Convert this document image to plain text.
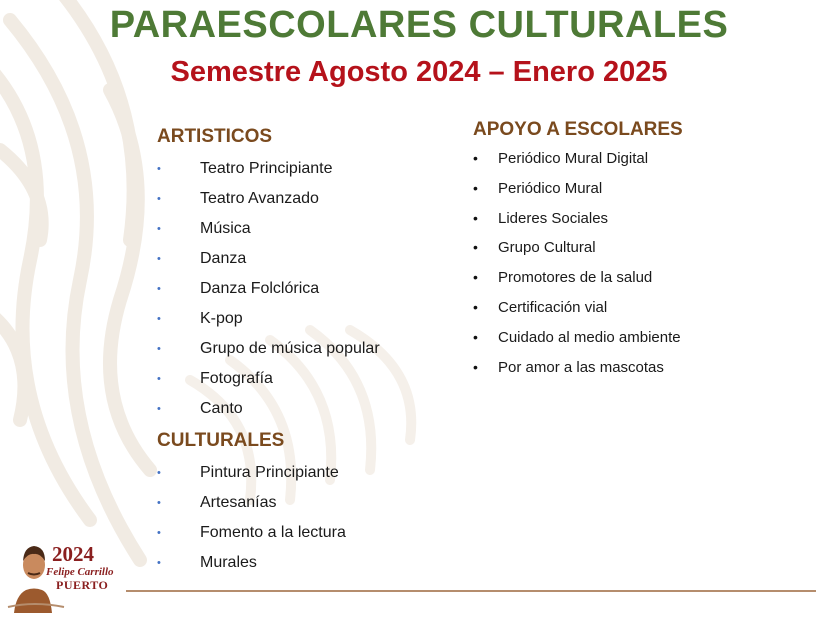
PARAESCOLARES CULTURALES
Semestre Agosto 2024 – Enero 2025
ARTISTICOS
• Teatro Principiante
• Teatro Avanzado
• Música
• Danza
• Danza Folclórica
• K-pop
• Grupo de música popular
• Fotografía
• Canto
CULTURALES
• Pintura Principiante
• Artesanías
• Fomento a la lectura
• Murales
APOYO A ESCOLARES
• Periódico Mural Digital
• Periódico Mural
• Lideres Sociales
• Grupo Cultural
• Promotores de la salud
• Certificación vial
• Cuidado al medio ambiente
• Por amor a las mascotas
2024
Felipe Carrillo
PUERTO
